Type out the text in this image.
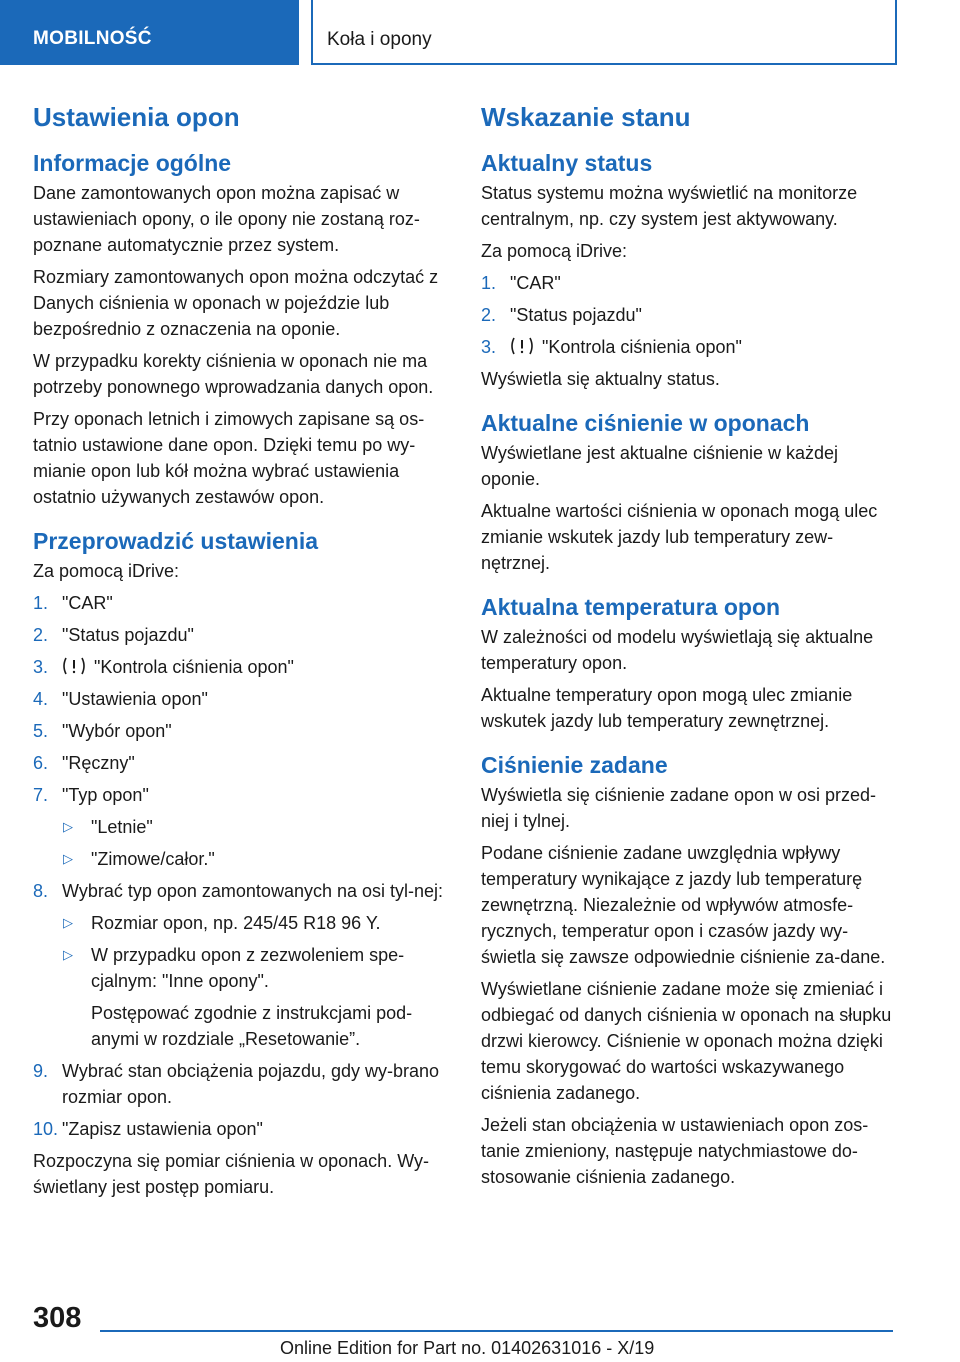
MOBILNOŚĆ	Koła i opony
Ustawienia opon
Informacje ogólne

Dane zamontowanych opon można zapisać w ustawieniach opony, o ile opony nie zostaną roz‐poznane automatycznie przez system.

Rozmiary zamontowanych opon można odczytać z Danych ciśnienia w oponach w pojeździe lub bezpośrednio z oznaczenia na oponie.

W przypadku korekty ciśnienia w oponach nie ma potrzeby ponownego wprowadzania danych opon.

Przy oponach letnich i zimowych zapisane są os‐tatnio ustawione dane opon. Dzięki temu po wy‐mianie opon lub kół można wybrać ustawienia ostatnio używanych zestawów opon.

Przeprowadzić ustawienia

Za pomocą iDrive:

1. "CAR"
2. "Status pojazdu"
3.	"Kontrola ciśnienia opon"
4. "Ustawienia opon"
5. "Wybór opon"
6. "Ręczny"
7. "Typ opon"
▷ "Letnie"
▷ "Zimowe/całor."
8. Wybrać typ opon zamontowanych na osi tyl‐nej:
▷ Rozmiar opon, np. 245/45 R18 96 Y.
▷ W przypadku opon z zezwoleniem spe‐cjalnym: "Inne opony".
Postępować zgodnie z instrukcjami pod‐anymi w rozdziale „Resetowanie”.
9. Wybrać stan obciążenia pojazdu, gdy wy‐brano rozmiar opon.
10. "Zapisz ustawienia opon"

Rozpoczyna się pomiar ciśnienia w oponach. Wy‐świetlany jest postęp pomiaru.

Wskazanie stanu
Aktualny status

Status systemu można wyświetlić na monitorze centralnym, np. czy system jest aktywowany.

Za pomocą iDrive:

1. "CAR"
2. "Status pojazdu"
3.	"Kontrola ciśnienia opon"

Wyświetla się aktualny status.

Aktualne ciśnienie w oponach

Wyświetlane jest aktualne ciśnienie w każdej oponie.

Aktualne wartości ciśnienia w oponach mogą ulec zmianie wskutek jazdy lub temperatury zew‐nętrznej.

Aktualna temperatura opon

W zależności od modelu wyświetlają się aktualne temperatury opon.

Aktualne temperatury opon mogą ulec zmianie wskutek jazdy lub temperatury zewnętrznej.

Ciśnienie zadane

Wyświetla się ciśnienie zadane opon w osi przed‐niej i tylnej.

Podane ciśnienie zadane uwzględnia wpływy temperatury wynikające z jazdy lub temperaturę zewnętrzną. Niezależnie od wpływów atmosfe‐rycznych, temperatur opon i czasów jazdy wy‐świetla się zawsze odpowiednie ciśnienie za‐dane.

Wyświetlane ciśnienie zadane może się zmieniać i odbiegać od danych ciśnienia w oponach na słupku drzwi kierowcy. Ciśnienie w oponach można dzięki temu skorygować do wartości wskazywanego ciśnienia zadanego.

Jeżeli stan obciążenia w ustawieniach opon zos‐tanie zmieniony, następuje natychmiastowe do‐stosowanie ciśnienia zadanego.

308
Online Edition for Part no. 01402631016 - X/19
